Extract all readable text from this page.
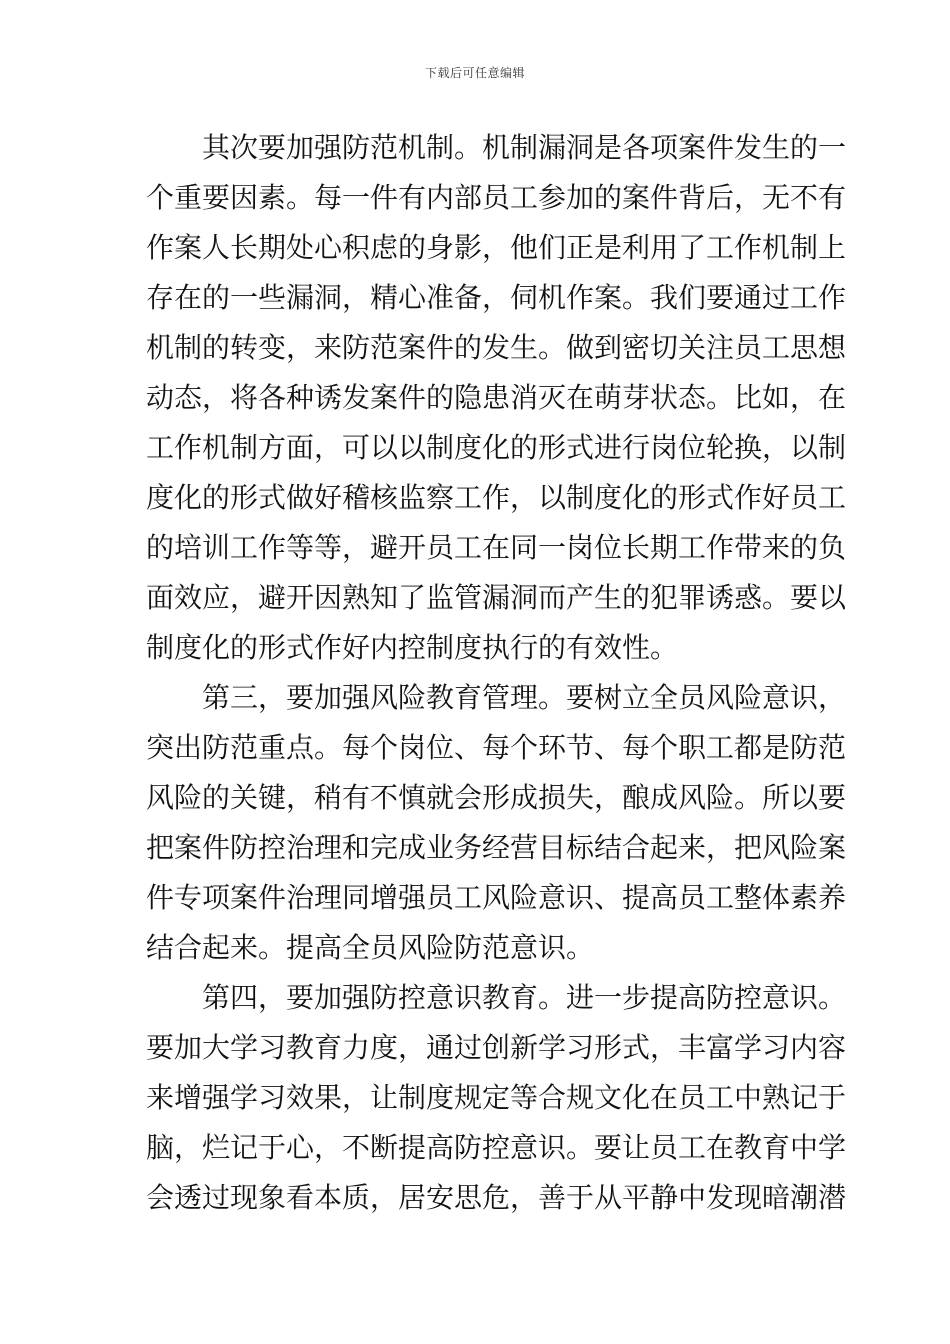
下载后可任意编辑
其次要加强防范机制。机制漏洞是各项案件发生的一
个重要因素。每一件有内部员工参加的案件背后，无不有
作案人长期处心积虑的身影，他们正是利用了工作机制上
存在的一些漏洞，精心准备，伺机作案。我们要通过工作
机制的转变，来防范案件的发生。做到密切关注员工思想
动态，将各种诱发案件的隐患消灭在萌芽状态。比如，在
工作机制方面，可以以制度化的形式进行岗位轮换，以制
度化的形式做好稽核监察工作，以制度化的形式作好员工
的培训工作等等，避开员工在同一岗位长期工作带来的负
面效应，避开因熟知了监管漏洞而产生的犯罪诱惑。要以
制度化的形式作好内控制度执行的有效性。
第三，要加强风险教育管理。要树立全员风险意识，
突出防范重点。每个岗位、每个环节、每个职工都是防范
风险的关键，稍有不慎就会形成损失，酿成风险。所以要
把案件防控治理和完成业务经营目标结合起来，把风险案
件专项案件治理同增强员工风险意识、提高员工整体素养
结合起来。提高全员风险防范意识。
第四，要加强防控意识教育。进一步提高防控意识。
要加大学习教育力度，通过创新学习形式，丰富学习内容
来增强学习效果，让制度规定等合规文化在员工中熟记于
脑，烂记于心，不断提高防控意识。要让员工在教育中学
会透过现象看本质，居安思危，善于从平静中发现暗潮潜
